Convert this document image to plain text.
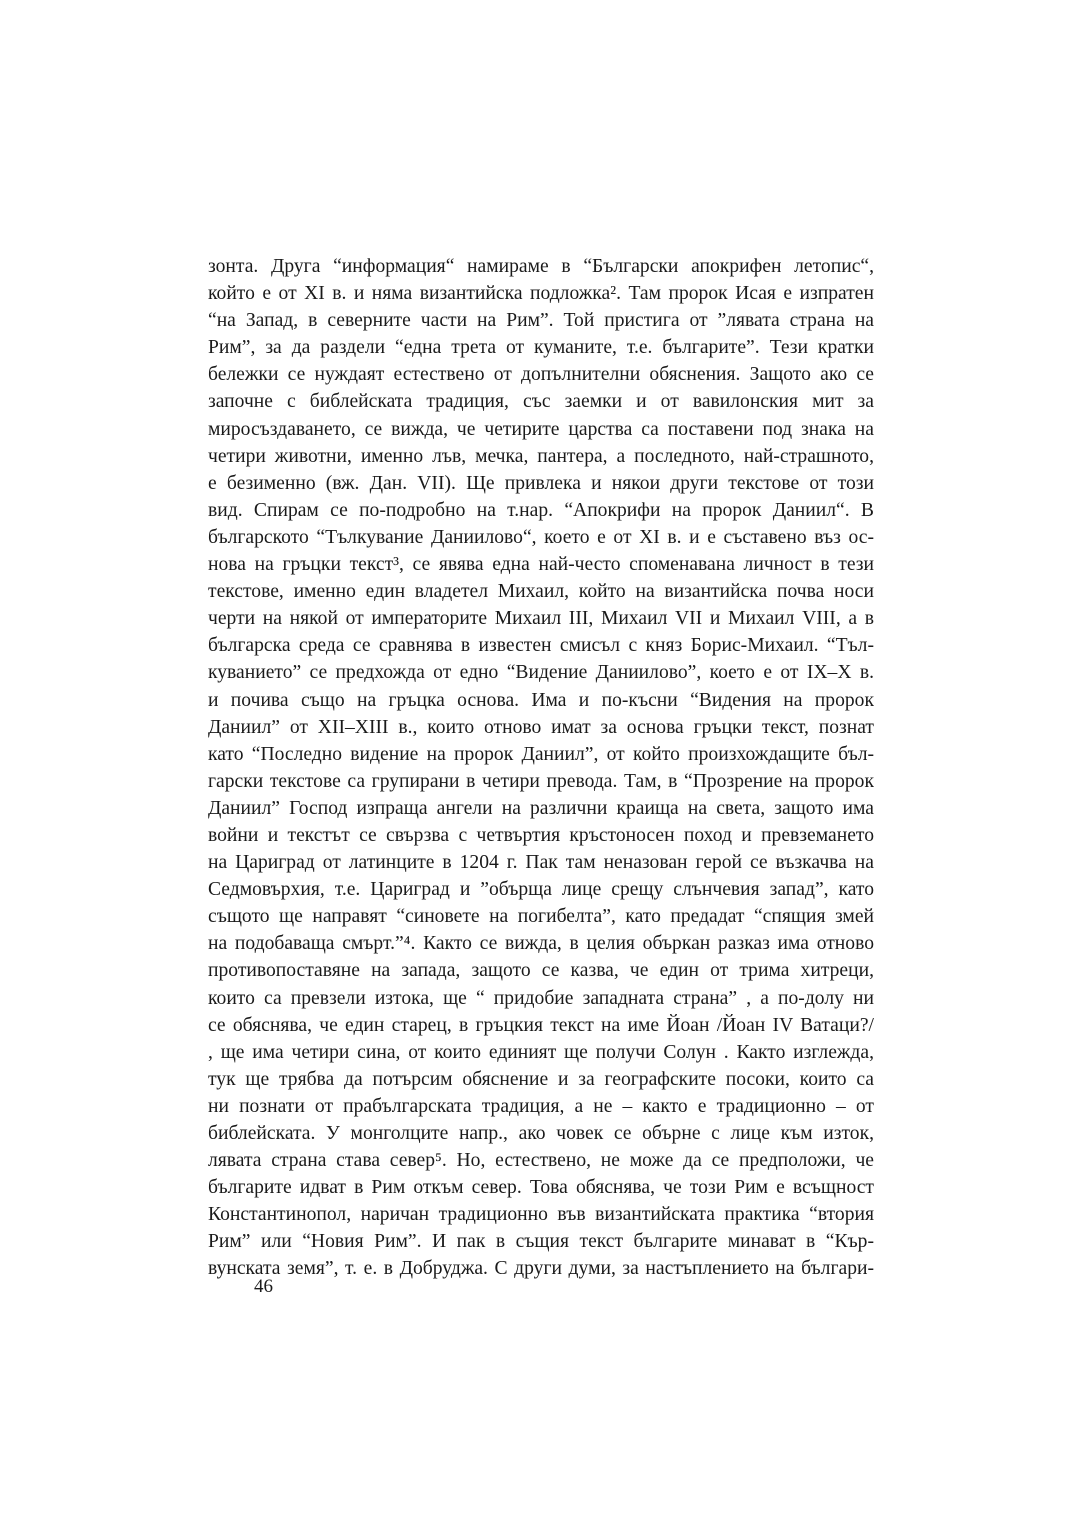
зонта. Друга “информация“ намираме в “Български апокрифен летопис“,
който е от XI в. и няма византийска подложка². Там пророк Исая е изпратен
“на Запад, в северните части на Рим”. Той пристига от ”лявата страна на
Рим”, за да раздели “една трета от куманите, т.е. българите”. Тези кратки
бележки се нуждаят естествено от допълнителни обяснения. Защото ако се
започне с библейската традиция, със заемки и от вавилонския мит за
миросъздаването, се вижда, че четирите царства са поставени под знака на
четири животни, именно лъв, мечка, пантера, а последното, най-страшното,
е безименно (вж. Дан. VII). Ще привлека и някои други текстове от този
вид. Спирам се по-подробно на т.нар. “Апокрифи на пророк Даниил“. В
българското “Тълкувание Даниилово“, което е от XI в. и е съставено въз ос-
нова на гръцки текст³, се явява една най-често споменавана личност в тези
текстове, именно един владетел Михаил, който на византийска почва носи
черти на някой от императорите Михаил III, Михаил VII и Михаил VIII, а в
българска среда се сравнява в известен смисъл с княз Борис-Михаил. “Тъл-
куванието” се предхожда от едно “Видение Даниилово”, което е от IX–X в.
и почива също на гръцка основа. Има и по-късни “Видения на пророк
Даниил” от XII–XIII в., които отново имат за основа гръцки текст, познат
като “Последно видение на пророк Даниил”, от който произхождащите бъл-
гарски текстове са групирани в четири превода. Там, в “Прозрение на пророк
Даниил” Господ изпраща ангели на различни краища на света, защото има
войни и текстът се свързва с четвъртия кръстоносен поход и превземането
на Цариград от латинците в 1204 г. Пак там неназован герой се възкачва на
Седмовърхия, т.е. Цариград и ”обърща лице срещу слънчевия запад”, като
същото ще направят “синовете на погибелта”, като предадат “спящия змей
на подобаваща смърт.”⁴. Както се вижда, в целия объркан разказ има отново
противопоставяне на запада, защото се казва, че един от трима хитреци,
които са превзели изтока, ще “ придобие западната страна” , а по-долу ни
се обяснява, че един старец, в гръцкия текст на име Йоан /Йоан IV Ватаци?/
, ще има четири сина, от които единият ще получи Солун . Както изглежда,
тук ще трябва да потърсим обяснение и за географските посоки, които са
ни познати от прабългарската традиция, а не – както е традиционно – от
библейската. У монголците напр., ако човек се обърне с лице към изток,
лявата страна става север⁵. Но, естествено, не може да се предположи, че
българите идват в Рим откъм север. Това обяснява, че този Рим е всъщност
Константинопол, наричан традиционно във византийската практика “втория
Рим” или “Новия Рим”. И пак в същия текст българите минават в “Кър-
вунската земя”, т. е. в Добруджа. С други думи, за настъплението на българи-
46
